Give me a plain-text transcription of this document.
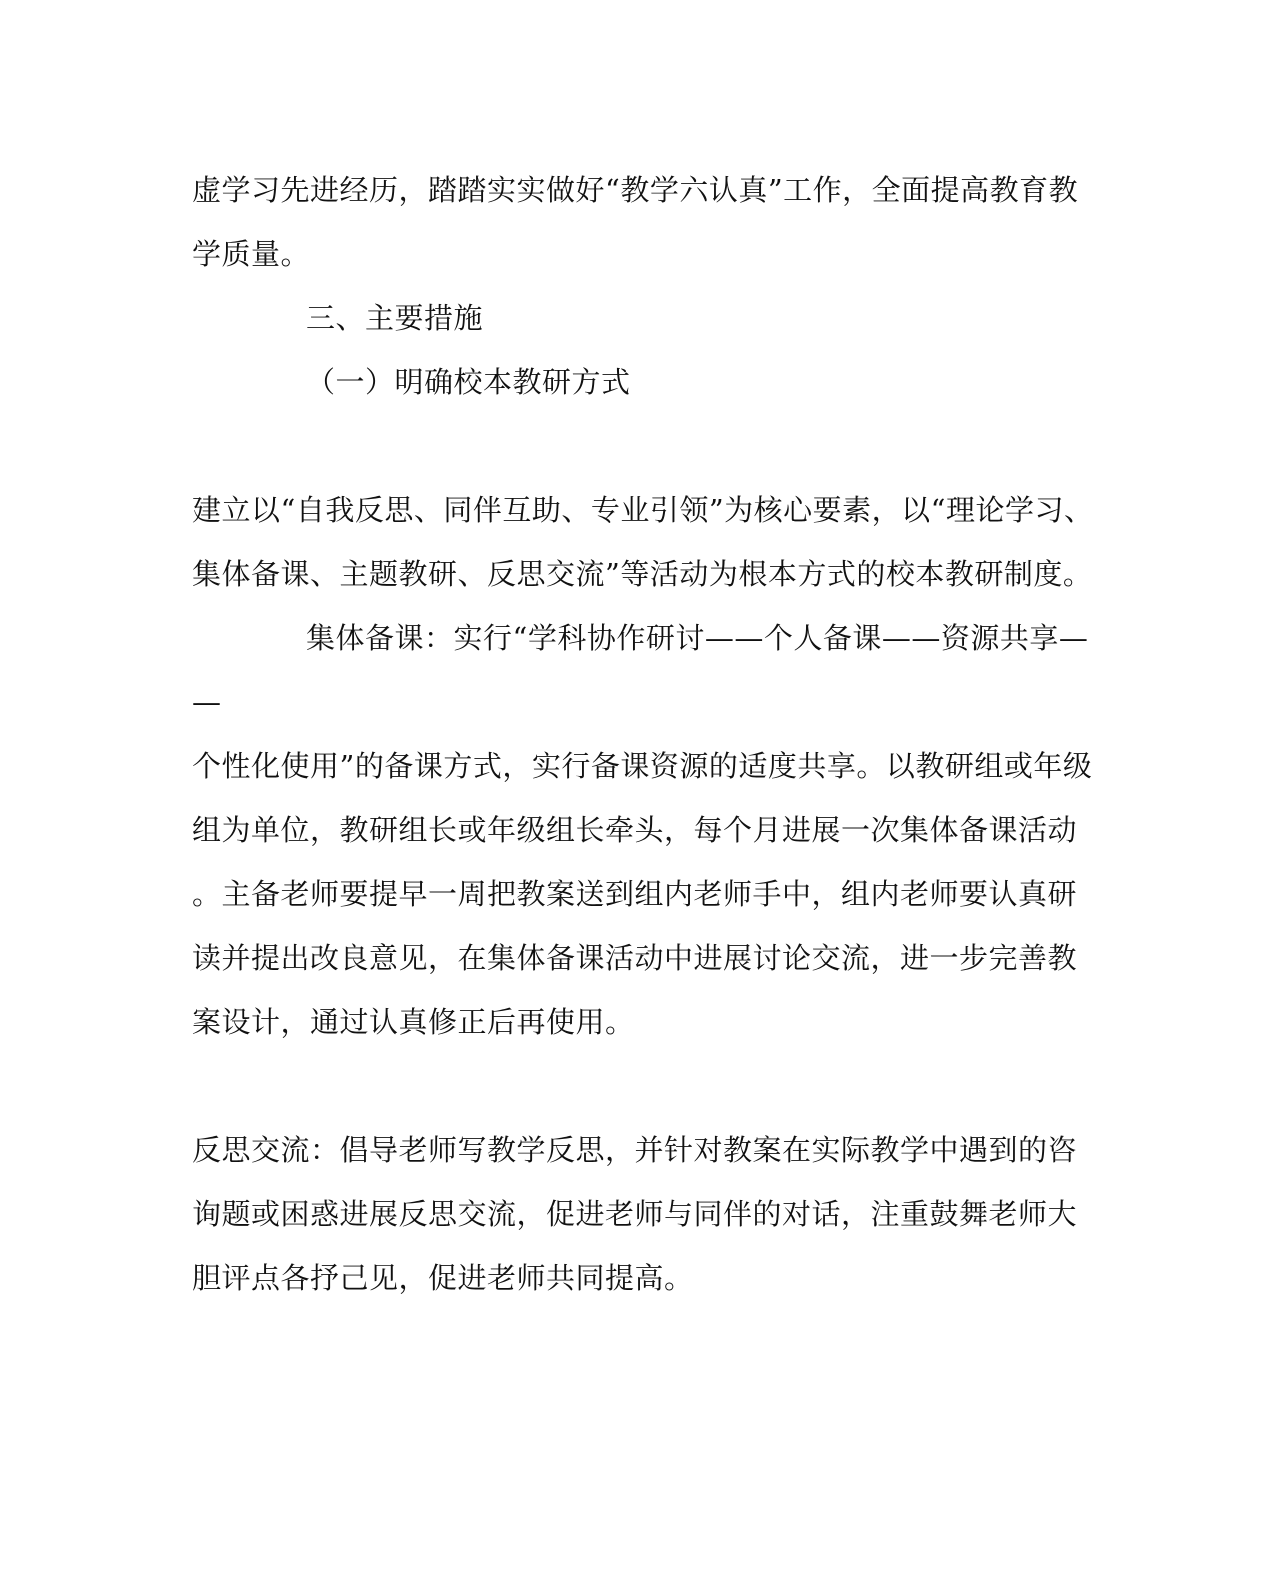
虚学习先进经历，踏踏实实做好“教学六认真”工作，全面提高教育教
学质量。
三、主要措施
（一）明确校本教研方式
建立以“自我反思、同伴互助、专业引领”为核心要素，以“理论学习、
集体备课、主题教研、反思交流”等活动为根本方式的校本教研制度。
集体备课：实行“学科协作研讨——个人备课——资源共享—
—
个性化使用”的备课方式，实行备课资源的适度共享。以教研组或年级
组为单位，教研组长或年级组长牵头，每个月进展一次集体备课活动
。主备老师要提早一周把教案送到组内老师手中，组内老师要认真研
读并提出改良意见，在集体备课活动中进展讨论交流，进一步完善教
案设计，通过认真修正后再使用。
反思交流：倡导老师写教学反思，并针对教案在实际教学中遇到的咨
询题或困惑进展反思交流，促进老师与同伴的对话，注重鼓舞老师大
胆评点各抒己见，促进老师共同提高。
